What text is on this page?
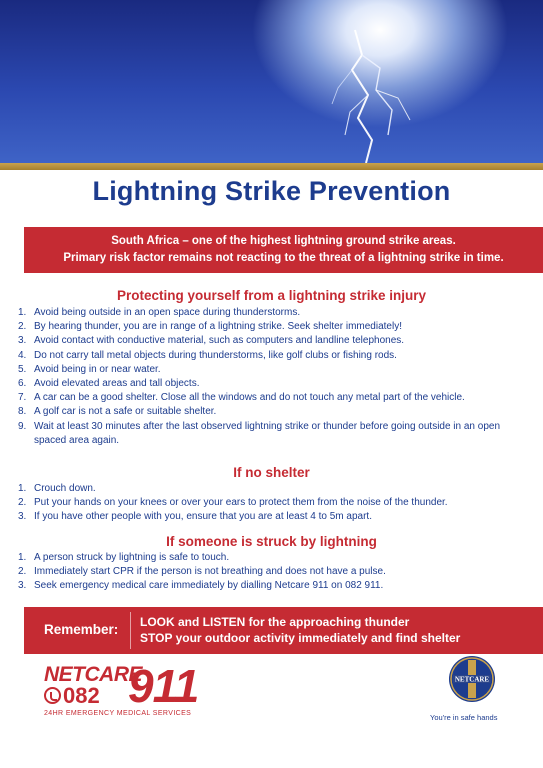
Lightning Strike Prevention
South Africa – one of the highest lightning ground strike areas.
Primary risk factor remains not reacting to the threat of a lightning strike in time.
Protecting yourself from a lightning strike injury
1. Avoid being outside in an open space during thunderstorms.
2. By hearing thunder, you are in range of a lightning strike. Seek shelter immediately!
3. Avoid contact with conductive material, such as computers and landline telephones.
4. Do not carry tall metal objects during thunderstorms, like golf clubs or fishing rods.
5. Avoid being in or near water.
6. Avoid elevated areas and tall objects.
7. A car can be a good shelter. Close all the windows and do not touch any metal part of the vehicle.
8. A golf car is not a safe or suitable shelter.
9. Wait at least 30 minutes after the last observed lightning strike or thunder before going outside in an open spaced area again.
If no shelter
1. Crouch down.
2. Put your hands on your knees or over your ears to protect them from the noise of the thunder.
3. If you have other people with you, ensure that you are at least 4 to 5m apart.
If someone is struck by lightning
1. A person struck by lightning is safe to touch.
2. Immediately start CPR if the person is not breathing and does not have a pulse.
3. Seek emergency medical care immediately by dialling Netcare 911 on 082 911.
Remember: LOOK and LISTEN for the approaching thunder
STOP your outdoor activity immediately and find shelter
NETCARE
082 911
24HR EMERGENCY MEDICAL SERVICES
NETCARE
You're in safe hands
